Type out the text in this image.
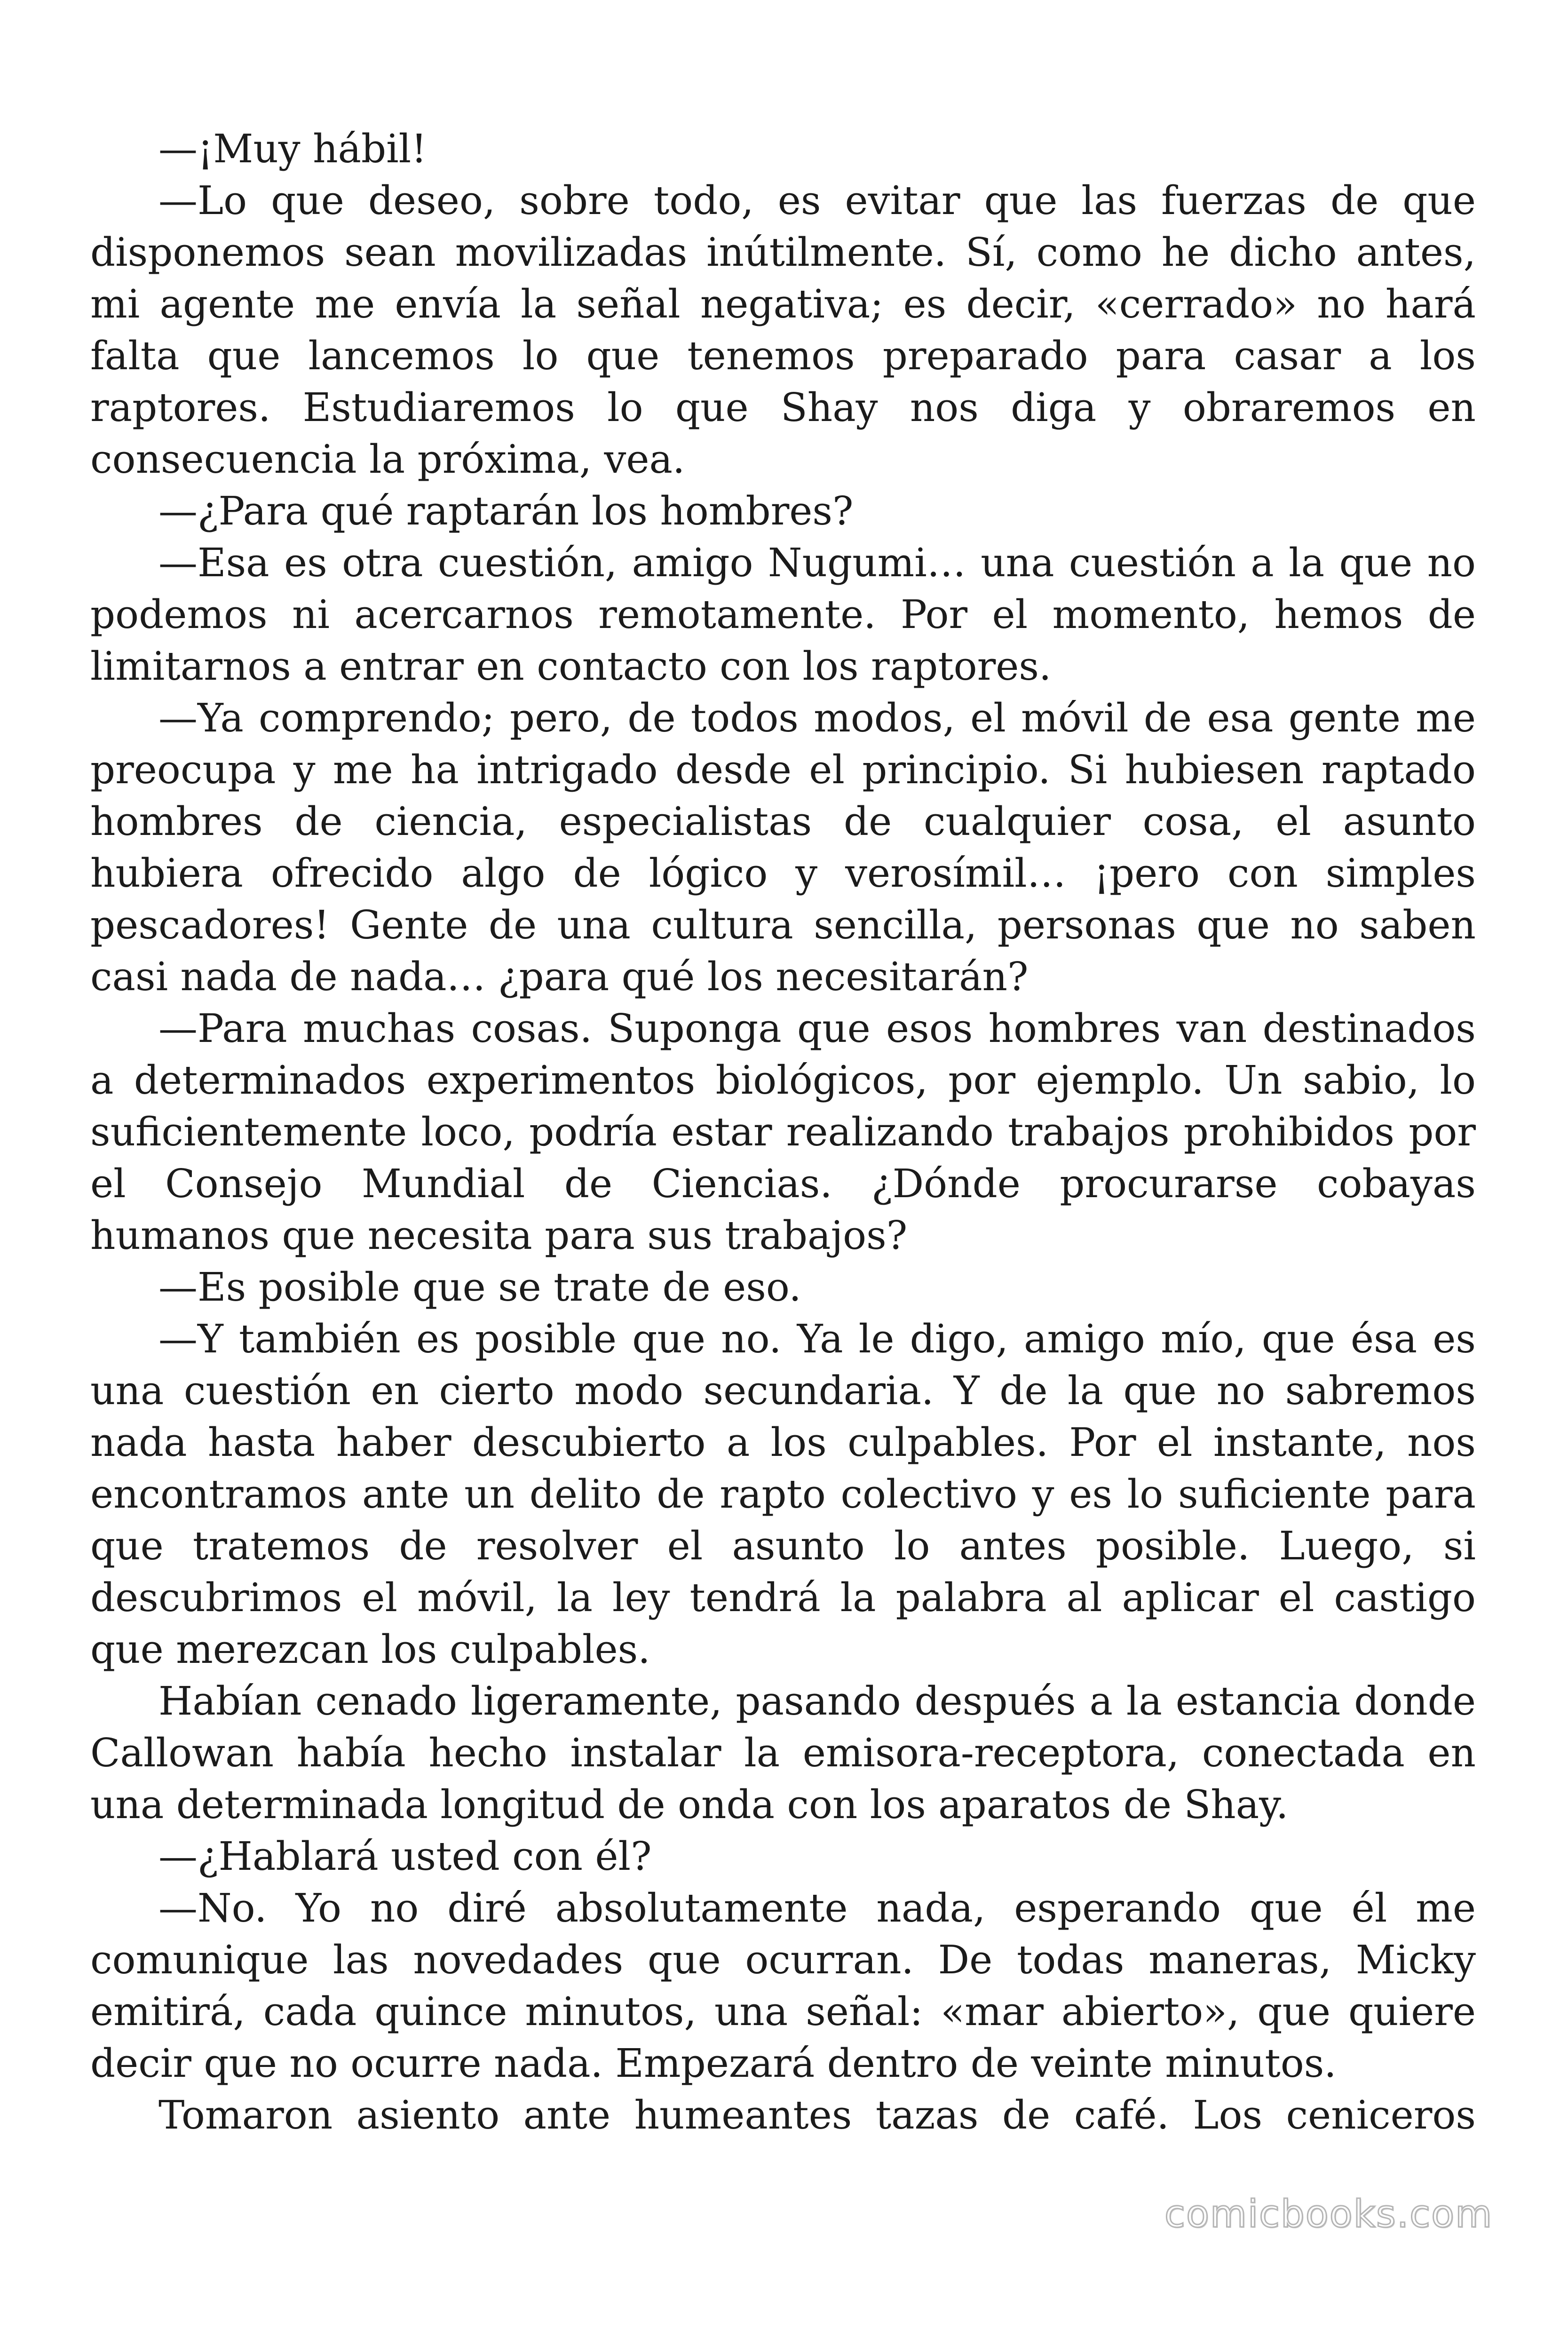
—¡Muy hábil!

—Lo que deseo, sobre todo, es evitar que las fuerzas de que disponemos sean movilizadas inútilmente. Sí, como he dicho antes, mi agente me envía la señal negativa; es decir, «cerrado» no hará falta que lancemos lo que tenemos preparado para casar a los raptores. Estudiaremos lo que Shay nos diga y obraremos en consecuencia la próxima, vea.

—¿Para qué raptarán los hombres?

—Esa es otra cuestión, amigo Nugumi… una cuestión a la que no podemos ni acercarnos remotamente. Por el momento, hemos de limitarnos a entrar en contacto con los raptores.

—Ya comprendo; pero, de todos modos, el móvil de esa gente me preocupa y me ha intrigado desde el principio. Si hubiesen raptado hombres de ciencia, especialistas de cualquier cosa, el asunto hubiera ofrecido algo de lógico y verosímil… ¡pero con simples pescadores! Gente de una cultura sencilla, personas que no saben casi nada de nada… ¿para qué los necesitarán?

—Para muchas cosas. Suponga que esos hombres van destinados a determinados experimentos biológicos, por ejemplo. Un sabio, lo suficientemente loco, podría estar realizando trabajos prohibidos por el Consejo Mundial de Ciencias. ¿Dónde procurarse cobayas humanos que necesita para sus trabajos?

—Es posible que se trate de eso.

—Y también es posible que no. Ya le digo, amigo mío, que ésa es una cuestión en cierto modo secundaria. Y de la que no sabremos nada hasta haber descubierto a los culpables. Por el instante, nos encontramos ante un delito de rapto colectivo y es lo suficiente para que tratemos de resolver el asunto lo antes posible. Luego, si descubrimos el móvil, la ley tendrá la palabra al aplicar el castigo que merezcan los culpables.

Habían cenado ligeramente, pasando después a la estancia donde Callowan había hecho instalar la emisora-receptora, conectada en una determinada longitud de onda con los aparatos de Shay.

—¿Hablará usted con él?

—No. Yo no diré absolutamente nada, esperando que él me comunique las novedades que ocurran. De todas maneras, Micky emitirá, cada quince minutos, una señal: «mar abierto», que quiere decir que no ocurre nada. Empezará dentro de veinte minutos.

Tomaron asiento ante humeantes tazas de café. Los ceniceros

comicbooks.com
